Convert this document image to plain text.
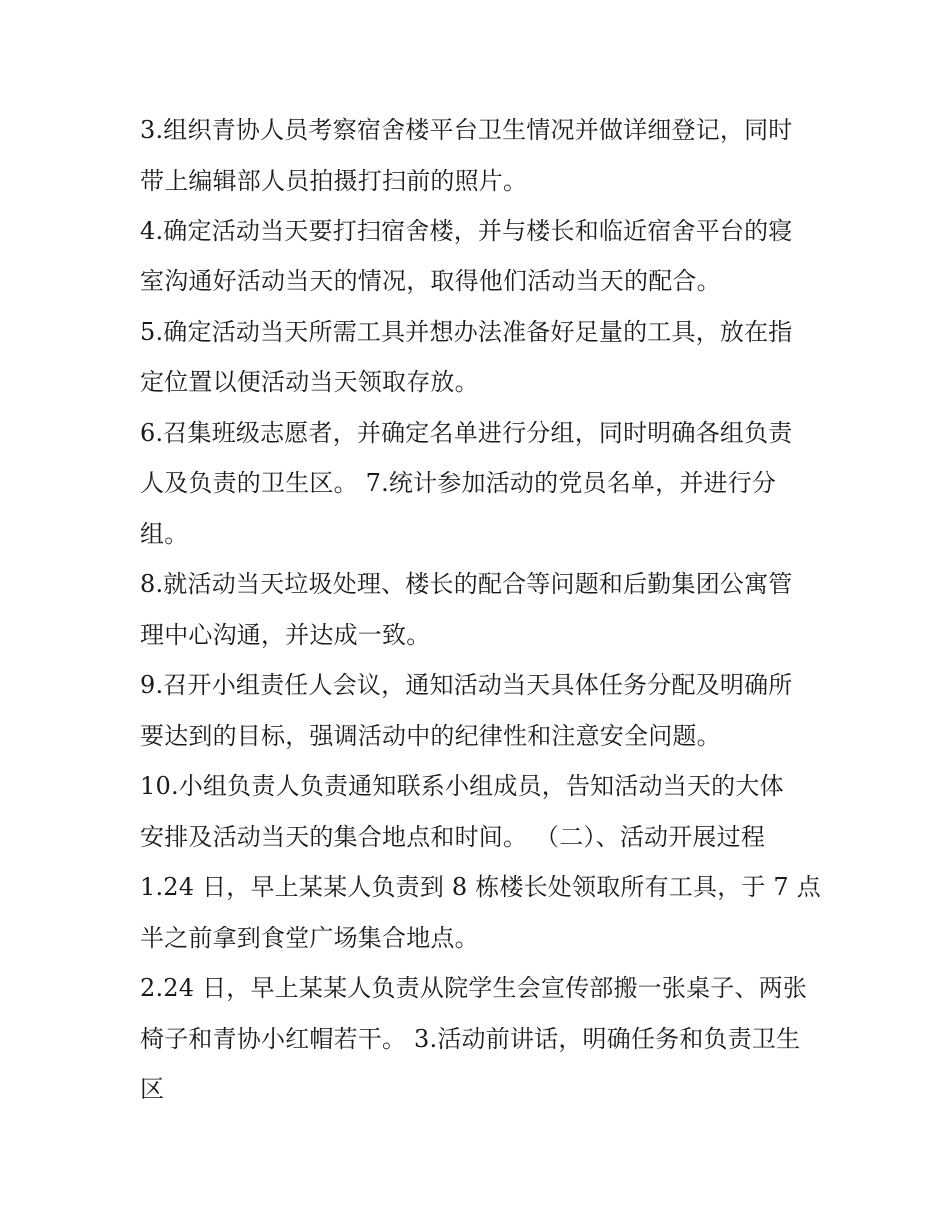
3.组织青协人员考察宿舍楼平台卫生情况并做详细登记，同时
带上编辑部人员拍摄打扫前的照片。
4.确定活动当天要打扫宿舍楼，并与楼长和临近宿舍平台的寝
室沟通好活动当天的情况，取得他们活动当天的配合。
5.确定活动当天所需工具并想办法准备好足量的工具，放在指
定位置以便活动当天领取存放。
6.召集班级志愿者，并确定名单进行分组，同时明确各组负责
人及负责的卫生区。 7.统计参加活动的党员名单，并进行分
组。
8.就活动当天垃圾处理、楼长的配合等问题和后勤集团公寓管
理中心沟通，并达成一致。
9.召开小组责任人会议，通知活动当天具体任务分配及明确所
要达到的目标，强调活动中的纪律性和注意安全问题。
10.小组负责人负责通知联系小组成员，告知活动当天的大体
安排及活动当天的集合地点和时间。 （二）、活动开展过程
1.24 日，早上某某人负责到 8 栋楼长处领取所有工具，于 7 点
半之前拿到食堂广场集合地点。
2.24 日，早上某某人负责从院学生会宣传部搬一张桌子、两张
椅子和青协小红帽若干。 3.活动前讲话，明确任务和负责卫生
区
